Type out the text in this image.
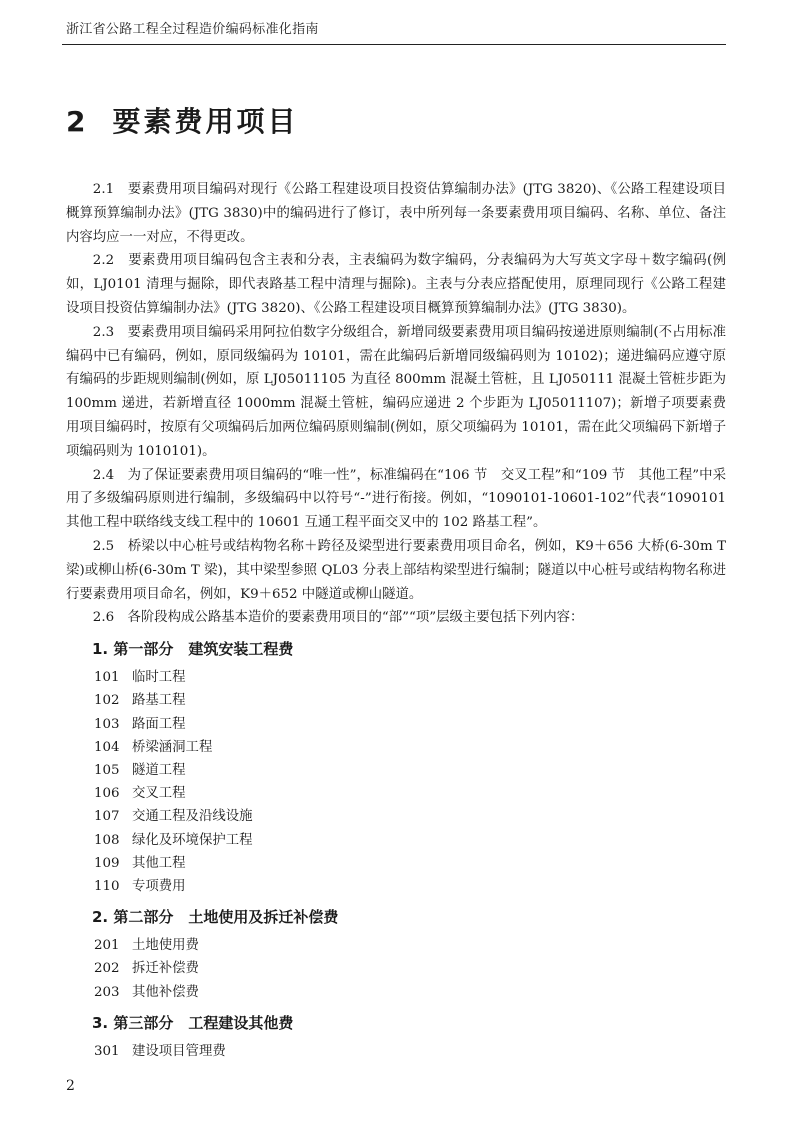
浙江省公路工程全过程造价编码标准化指南
2 要素费用项目

2.1　要素费用项目编码对现行《公路工程建设项目投资估算编制办法》(JTG 3820)、《公路工程建设项目概算预算编制办法》(JTG 3830)中的编码进行了修订，表中所列每一条要素费用项目编码、名称、单位、备注内容均应一一对应，不得更改。

2.2　要素费用项目编码包含主表和分表，主表编码为数字编码，分表编码为大写英文字母＋数字编码(例如，LJ0101 清理与掘除，即代表路基工程中清理与掘除)。主表与分表应搭配使用，原理同现行《公路工程建设项目投资估算编制办法》(JTG 3820)、《公路工程建设项目概算预算编制办法》(JTG 3830)。

2.3　要素费用项目编码采用阿拉伯数字分级组合，新增同级要素费用项目编码按递进原则编制(不占用标准编码中已有编码，例如，原同级编码为 10101，需在此编码后新增同级编码则为 10102)；递进编码应遵守原有编码的步距规则编制(例如，原 LJ05011105 为直径 800mm 混凝土管桩，且 LJ050111 混凝土管桩步距为 100mm 递进，若新增直径 1000mm 混凝土管桩，编码应递进 2 个步距为 LJ05011107)；新增子项要素费用项目编码时，按原有父项编码后加两位编码原则编制(例如，原父项编码为 10101，需在此父项编码下新增子项编码则为 1010101)。

2.4　为了保证要素费用项目编码的“唯一性”，标准编码在“106 节　交叉工程”和“109 节　其他工程”中采用了多级编码原则进行编制，多级编码中以符号“-”进行衔接。例如，“1090101-10601-102”代表“1090101 其他工程中联络线支线工程中的 10601 互通工程平面交叉中的 102 路基工程”。

2.5　桥梁以中心桩号或结构物名称＋跨径及梁型进行要素费用项目命名，例如，K9＋656 大桥(6-30m T 梁)或柳山桥(6-30m T 梁)，其中梁型参照 QL03 分表上部结构梁型进行编制；隧道以中心桩号或结构物名称进行要素费用项目命名，例如，K9＋652 中隧道或柳山隧道。

2.6　各阶段构成公路基本造价的要素费用项目的“部”“项”层级主要包括下列内容：

1. 第一部分　建筑安装工程费
101 临时工程
102 路基工程
103 路面工程
104 桥梁涵洞工程
105 隧道工程
106 交叉工程
107 交通工程及沿线设施
108 绿化及环境保护工程
109 其他工程
110 专项费用
2. 第二部分　土地使用及拆迁补偿费
201 土地使用费
202 拆迁补偿费
203 其他补偿费
3. 第三部分　工程建设其他费
301 建设项目管理费
2
